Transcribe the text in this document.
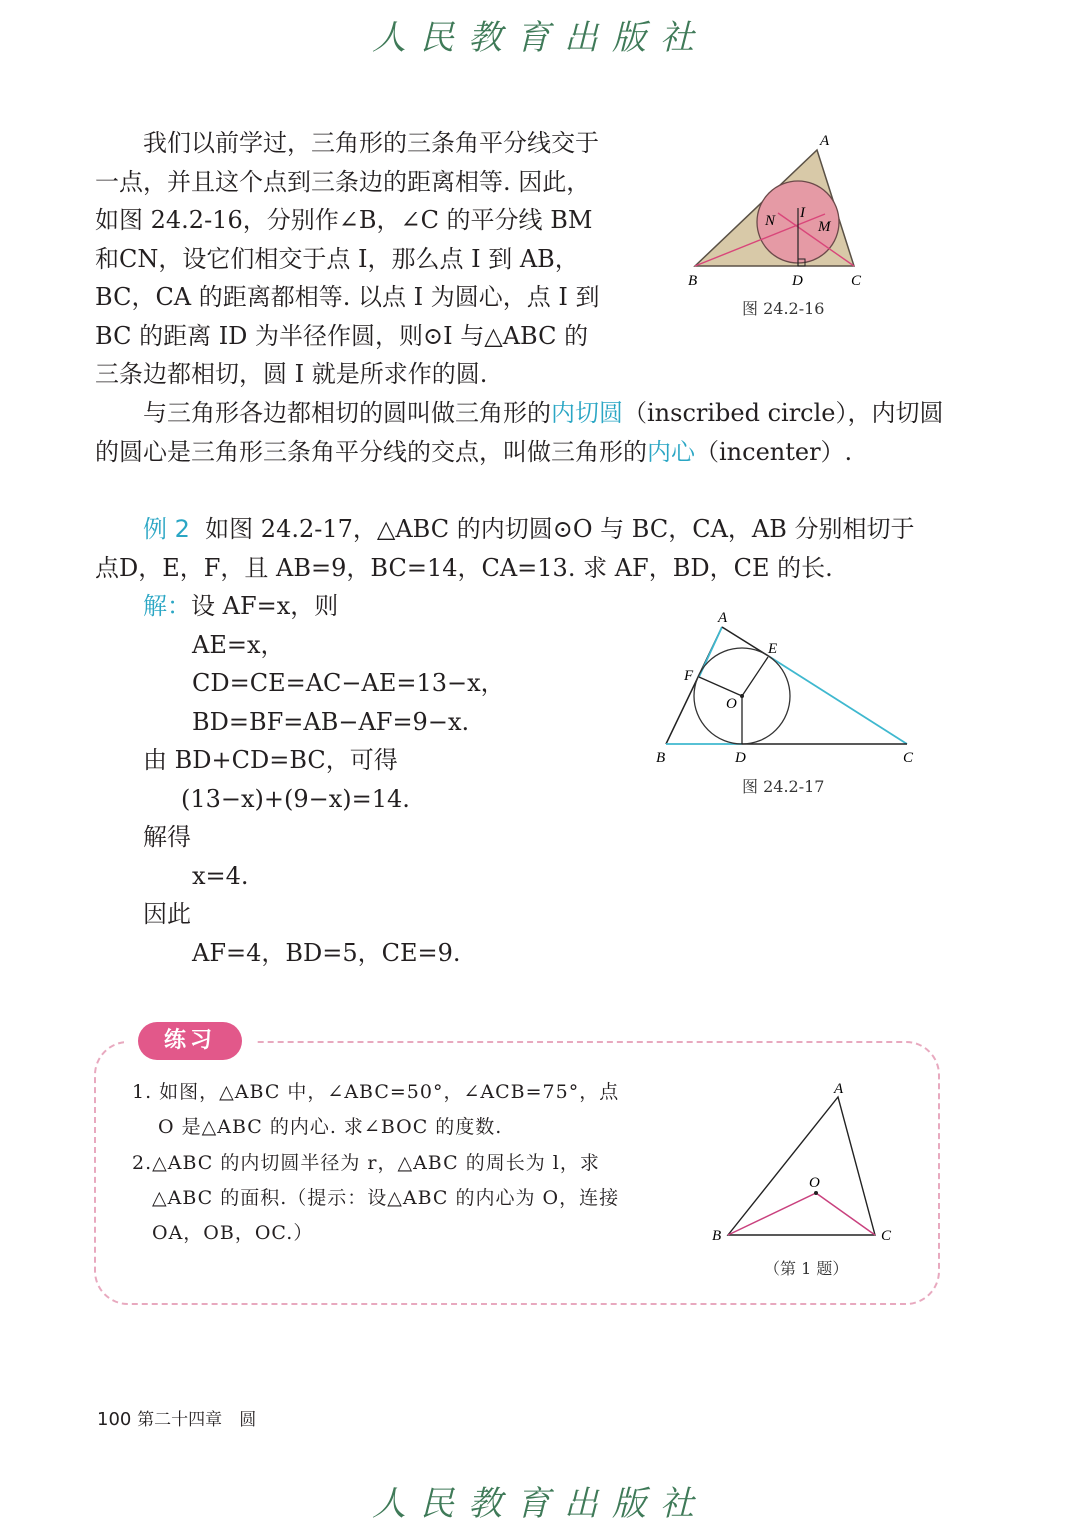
人民教育出版社
我们以前学过，三角形的三条角平分线交于
一点，并且这个点到三条边的距离相等. 因此，
如图 24.2-16，分别作∠B，∠C 的平分线 BM
和CN，设它们相交于点 I，那么点 I 到 AB，
BC，CA 的距离都相等. 以点 I 为圆心，点 I 到
BC 的距离 ID 为半径作圆，则⊙I 与△ABC 的
三条边都相切，圆 I 就是所求作的圆.
A
B	C
D
I
M
N
图 24.2-16
与三角形各边都相切的圆叫做三角形的内切圆（inscribed circle），内切圆
的圆心是三角形三条角平分线的交点，叫做三角形的内心（incenter）.
例 2 如图 24.2-17，△ABC 的内切圆⊙O 与 BC，CA，AB 分别相切于
点D，E，F，且 AB=9，BC=14，CA=13. 求 AF，BD，CE 的长.
解：设 AF=x，则
AE=x，
CD=CE=AC−AE=13−x，
BD=BF=AB−AF=9−x.
由 BD+CD=BC，可得
(13−x)+(9−x)=14.
解得
x=4.
因此
AF=4，BD=5，CE=9.
A
B	C
D
E
F
O
图 24.2-17
练习
1. 如图，△ABC 中，∠ABC=50°，∠ACB=75°，点
O 是△ABC 的内心. 求∠BOC 的度数.
2.△ABC 的内切圆半径为 r，△ABC 的周长为 l，求
△ABC 的面积.（提示：设△ABC 的内心为 O，连接
OA，OB，OC.）
A
B	C
O
（第 1 题）
100 第二十四章 圆
人民教育出版社
